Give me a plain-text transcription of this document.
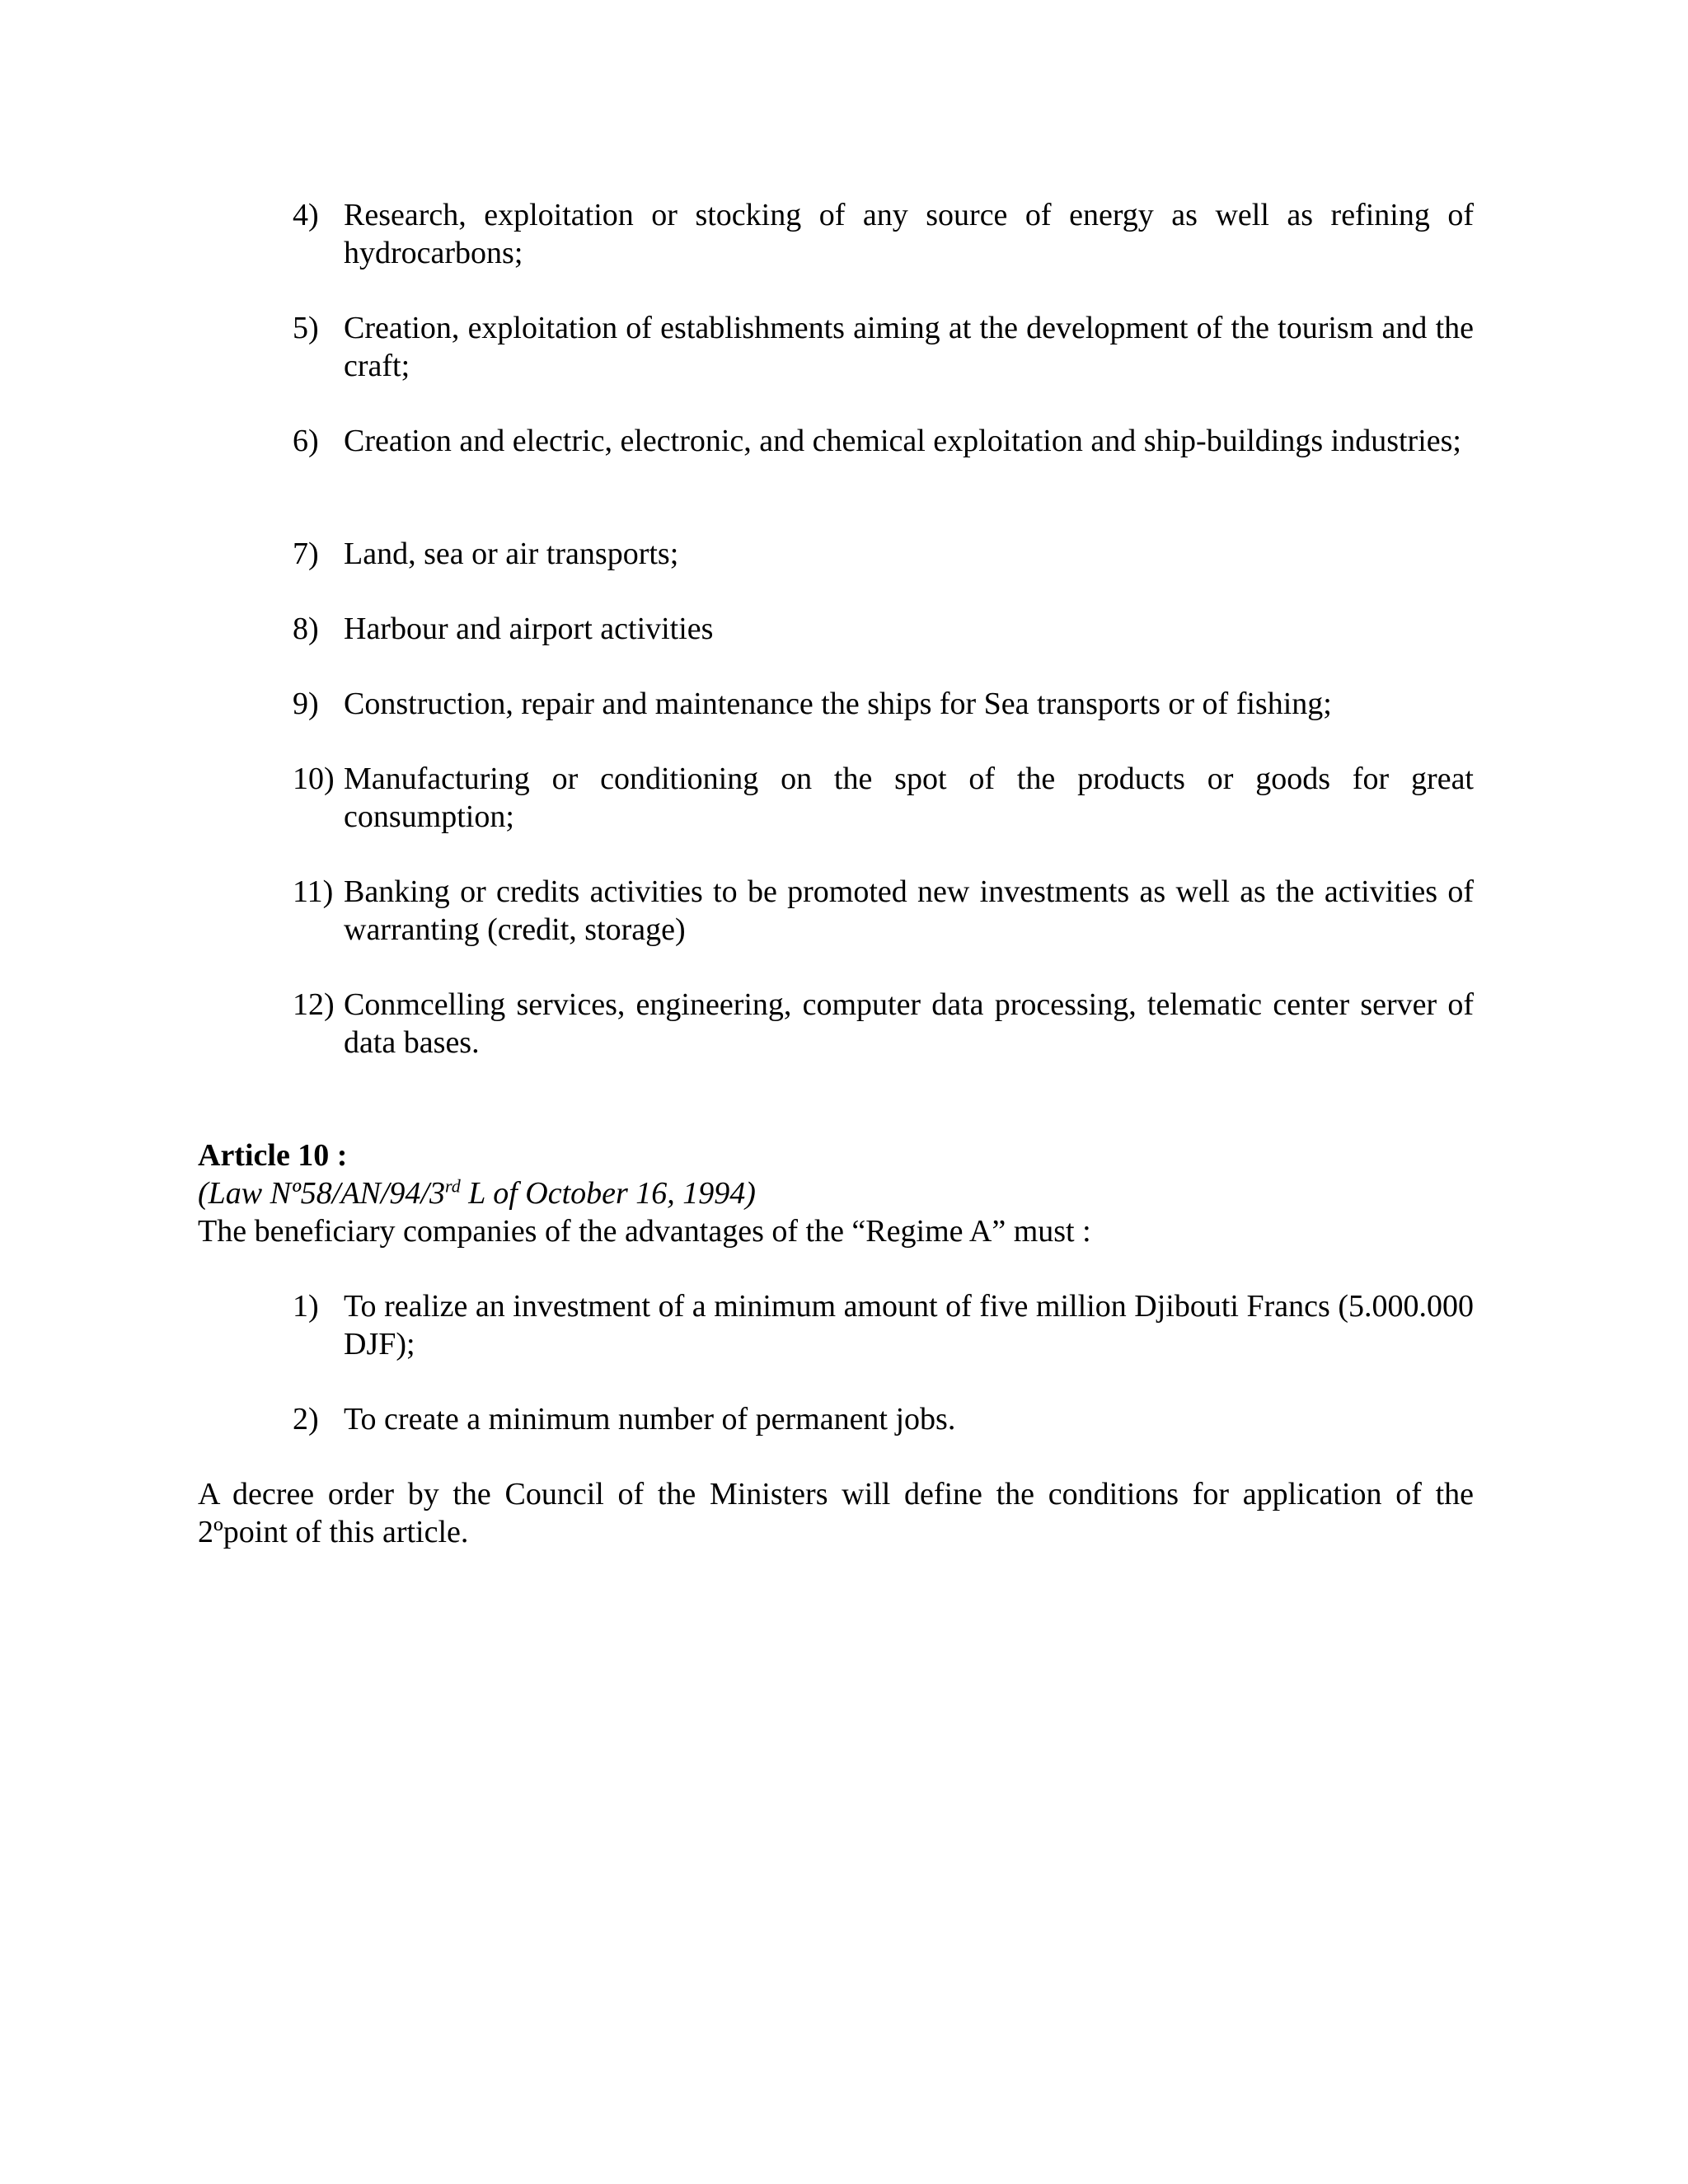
4) Research, exploitation or stocking of any source of energy as well as refining of hydrocarbons;
5) Creation, exploitation of establishments aiming at the development of the tourism and the craft;
6) Creation and electric, electronic, and chemical exploitation and ship-buildings industries;
7) Land, sea or air transports;
8) Harbour and airport activities
9) Construction, repair and maintenance the ships for Sea transports or of fishing;
10) Manufacturing or conditioning on the spot of the products or goods for great consumption;
11) Banking or credits activities to be promoted new investments as well as the activities of warranting (credit, storage)
12) Conmcelling services, engineering, computer data processing, telematic center server of data bases.
Article 10 :
(Law Nº58/AN/94/3rd L of October 16, 1994)
The beneficiary companies of the advantages of the “Regime A” must :
1) To realize an investment of a minimum amount of five million Djibouti Francs (5.000.000 DJF);
2) To create a minimum number of permanent jobs.
A decree order by the Council of the Ministers will define the conditions for application of the 2ºpoint of this article.
